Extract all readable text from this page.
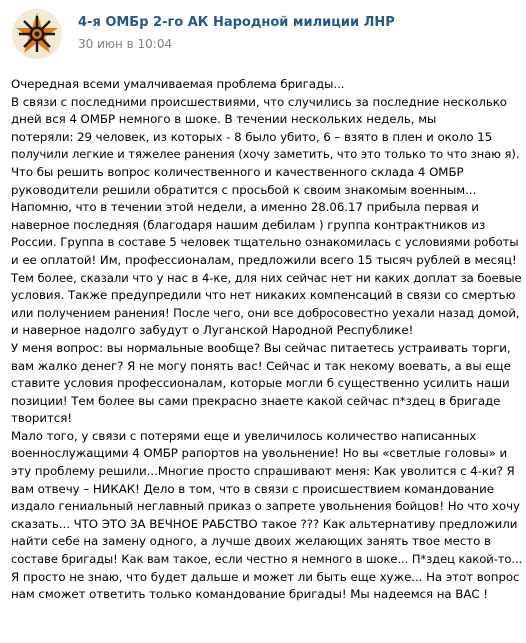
4-я ОМБр 2-го АК Народной милиции ЛНР
30 июн в 10:04
Очередная всеми умалчиваемая проблема бригады...
В связи с последними происшествиями, что случились за последние несколько
дней вся 4 ОМБР немного в шоке. В течении нескольких недель, мы
потеряли: 29 человек, из которых - 8 было убито, 6 – взято в плен и около 15
получили легкие и тяжелее ранения (хочу заметить, что это только то что знаю я).
Что бы решить вопрос количественного и качественного склада 4 ОМБР
руководители решили обратится с просьбой к своим знакомым военным...
Напомню, что в течении этой недели, а именно 28.06.17 прибыла первая и
наверное последняя (благодаря нашим дебилам ) группа контрактников из
России. Группа в составе 5 человек тщательно ознакомилась с условиями роботы
и ее оплатой! Им, профессионалам, предложили всего 15 тысяч рублей в месяц!
Тем более, сказали что у нас в 4-ке, для них сейчас нет ни каких доплат за боевые
условия. Также предупредили что нет никаких компенсаций в связи со смертью
или получением ранения! После чего, они все добросовестно уехали назад домой,
и наверное надолго забудут о Луганской Народной Республике!
У меня вопрос: вы нормальные вообще? Вы сейчас питаетесь устраивать торги,
вам жалко денег? Я не могу понять вас! Сейчас и так некому воевать, а вы еще
ставите условия профессионалам, которые могли б существенно усилить наши
позиции! Тем более вы сами прекрасно знаете какой сейчас п*здец в бригаде
творится!
Мало того, у связи с потерями еще и увеличилось количество написанных
военнослужащими 4 ОМБР рапортов на увольнение! Но вы «светлые головы» и
эту проблему решили...Многие просто спрашивают меня: Как уволится с 4-ки? Я
вам отвечу – НИКАК! Дело в том, что в связи с происшествием командование
издало гениальный неглавный приказ о запрете увольнения бойцов! Но что хочу
сказать... ЧТО ЭТО ЗА ВЕЧНОЕ РАБСТВО такое ??? Как альтернативу предложили
найти себе на замену одного, а лучше двоих желающих занять твое место в
составе бригады! Как вам такое, если честно я немного в шоке... П*здец какой-то...
Я просто не знаю, что будет дальше и может ли быть еще хуже... На этот вопрос
нам сможет ответить только командование бригады! Мы надеемся на ВАС !
